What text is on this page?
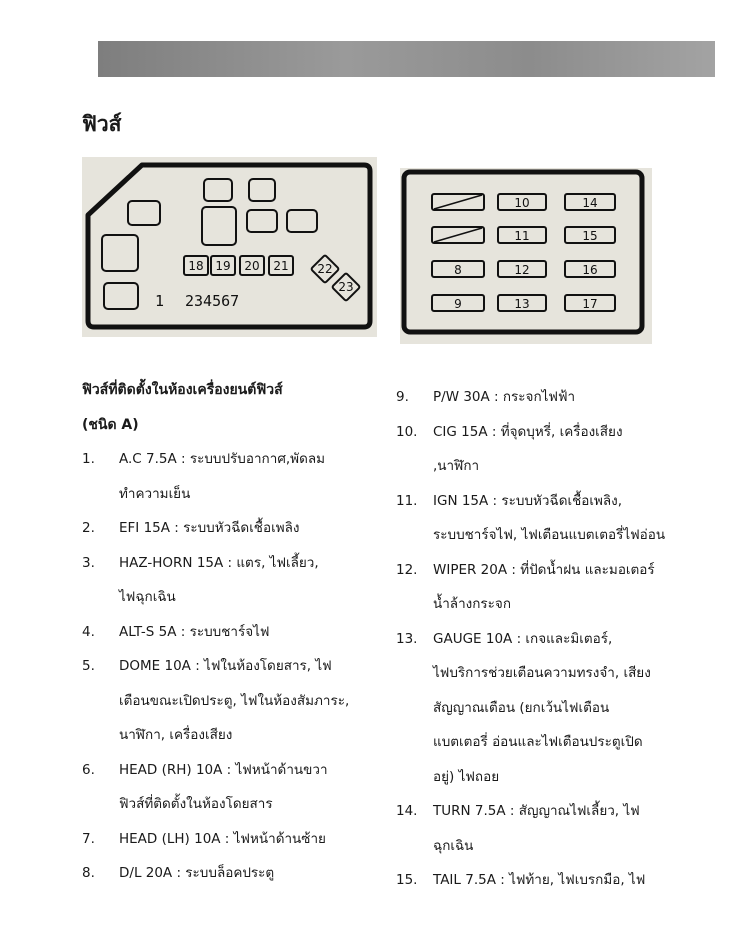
ฟิวส์
18 19 20 21 22
23
1 234567
10	14
11	15
8	12	16
9	13	17
ฟิวส์ที่ติดตั้งในห้องเครื่องยนต์ฟิวส์
(ชนิด A)
1.	A.C 7.5A : ระบบปรับอากาศ,พัดลม
ทำความเย็น
2.	EFI 15A : ระบบหัวฉีดเชื้อเพลิง
3.	HAZ-HORN 15A : แตร, ไฟเลี้ยว,
ไฟฉุกเฉิน
4.	ALT-S 5A : ระบบชาร์จไฟ
5.	DOME 10A : ไฟในห้องโดยสาร, ไฟ
เตือนขณะเปิดประตู, ไฟในห้องสัมภาระ,
นาฬิกา, เครื่องเสียง
6.	HEAD (RH) 10A : ไฟหน้าด้านขวา
ฟิวส์ที่ติดตั้งในห้องโดยสาร
7.	HEAD (LH) 10A : ไฟหน้าด้านซ้าย
8.	D/L 20A : ระบบล็อคประตู
9.	P/W 30A : กระจกไฟฟ้า
10.	CIG 15A : ที่จุดบุหรี่, เครื่องเสียง
,นาฬิกา
11.	IGN 15A : ระบบหัวฉีดเชื้อเพลิง,
ระบบชาร์จไฟ, ไฟเตือนแบตเตอรี่ไฟอ่อน
12.	WIPER 20A : ที่ปัดน้ำฝน และมอเตอร์
น้ำล้างกระจก
13.	GAUGE 10A : เกจและมิเตอร์,
ไฟบริการช่วยเตือนความทรงจำ, เสียง
สัญญาณเตือน (ยกเว้นไฟเตือน
แบตเตอรี่ อ่อนและไฟเตือนประตูเปิด
อยู่) ไฟถอย
14.	TURN 7.5A : สัญญาณไฟเลี้ยว, ไฟ
ฉุกเฉิน
15.	TAIL 7.5A : ไฟท้าย, ไฟเบรกมือ, ไฟ
